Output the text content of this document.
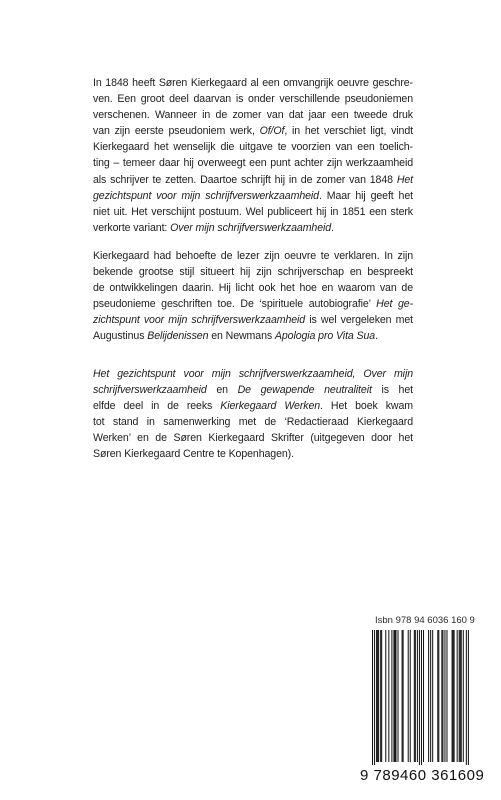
In 1848 heeft Søren Kierkegaard al een omvangrijk oeuvre geschre-
ven. Een groot deel daarvan is onder verschillende pseudoniemen
verschenen. Wanneer in de zomer van dat jaar een tweede druk
van zijn eerste pseudoniem werk, Of/Of, in het verschiet ligt, vindt
Kierkegaard het wenselijk die uitgave te voorzien van een toelich-
ting – temeer daar hij overweegt een punt achter zijn werkzaamheid
als schrijver te zetten. Daartoe schrijft hij in de zomer van 1848 Het
gezichtspunt voor mijn schrijfverswerkzaamheid. Maar hij geeft het
niet uit. Het verschijnt postuum. Wel publiceert hij in 1851 een sterk
verkorte variant: Over mijn schrijfverswerkzaamheid.

Kierkegaard had behoefte de lezer zijn oeuvre te verklaren. In zijn
bekende grootse stijl situeert hij zijn schrijverschap en bespreekt
de ontwikkelingen daarin. Hij licht ook het hoe en waarom van de
pseudonieme geschriften toe. De ‘spirituele autobiografie’ Het ge-
zichtspunt voor mijn schrijfverswerkzaamheid is wel vergeleken met
Augustinus Belijdenissen en Newmans Apologia pro Vita Sua.

Het gezichtspunt voor mijn schrijfverswerkzaamheid, Over mijn
schrijfverswerkzaamheid en De gewapende neutraliteit is het
elfde deel in de reeks Kierkegaard Werken. Het boek kwam
tot stand in samenwerking met de ‘Redactieraad Kierkegaard
Werken’ en de Søren Kierkegaard Skrifter (uitgegeven door het
Søren Kierkegaard Centre te Kopenhagen).

Isbn 978 94 6036 160 9
9 789460 361609
